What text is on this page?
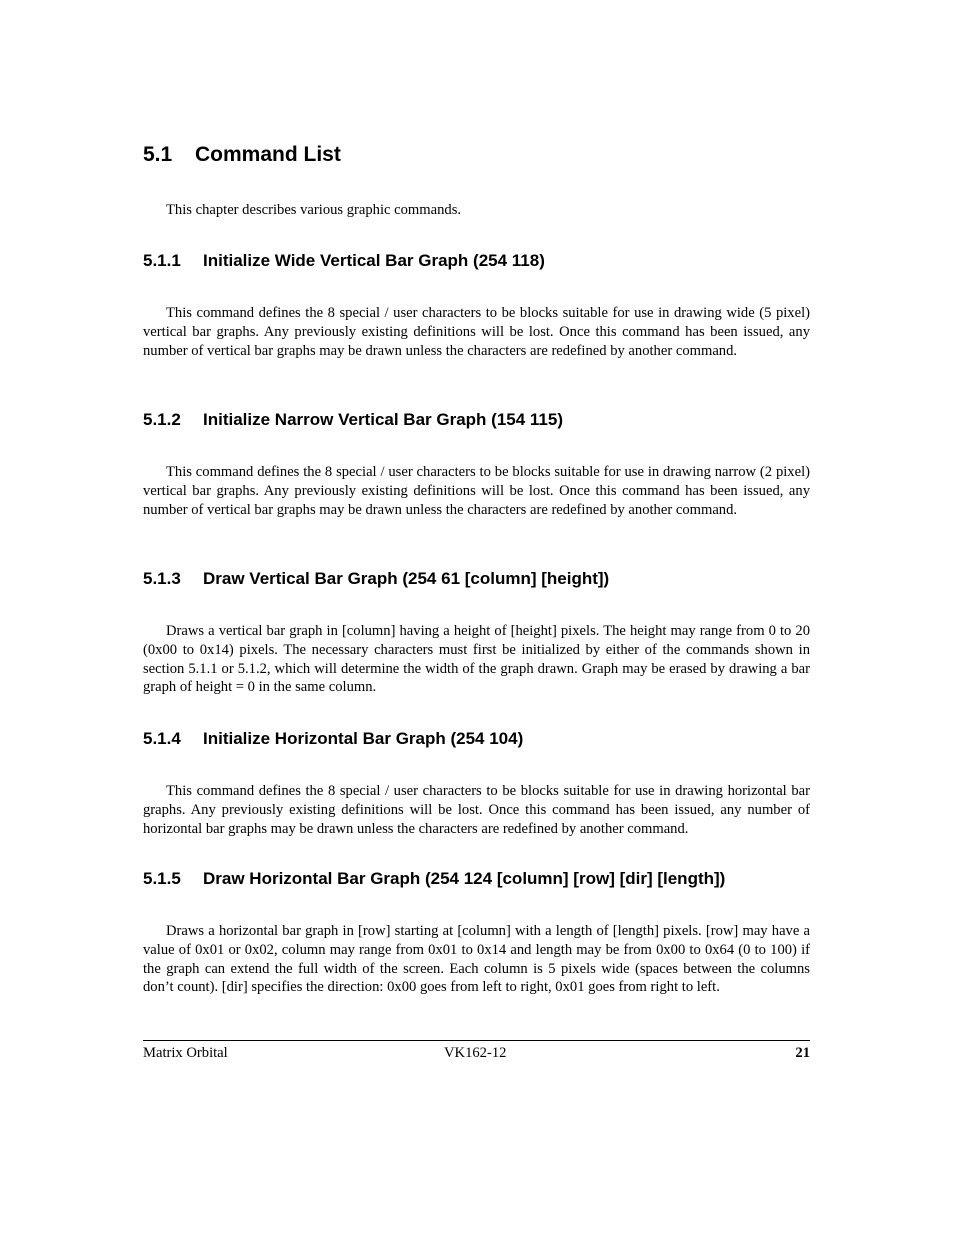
5.1 Command List

This chapter describes various graphic commands.

5.1.1 Initialize Wide Vertical Bar Graph (254 118)

This command defines the 8 special / user characters to be blocks suitable for use in drawing wide (5 pixel) vertical bar graphs. Any previously existing definitions will be lost. Once this command has been issued, any number of vertical bar graphs may be drawn unless the characters are redefined by another command.

5.1.2 Initialize Narrow Vertical Bar Graph (154 115)

This command defines the 8 special / user characters to be blocks suitable for use in drawing narrow (2 pixel) vertical bar graphs. Any previously existing definitions will be lost. Once this command has been issued, any number of vertical bar graphs may be drawn unless the characters are redefined by another command.

5.1.3 Draw Vertical Bar Graph (254 61 [column] [height])

Draws a vertical bar graph in [column] having a height of [height] pixels. The height may range from 0 to 20 (0x00 to 0x14) pixels. The necessary characters must first be initialized by either of the commands shown in section 5.1.1 or 5.1.2, which will determine the width of the graph drawn. Graph may be erased by drawing a bar graph of height = 0 in the same column.

5.1.4 Initialize Horizontal Bar Graph (254 104)

This command defines the 8 special / user characters to be blocks suitable for use in drawing horizontal bar graphs. Any previously existing definitions will be lost. Once this command has been issued, any number of horizontal bar graphs may be drawn unless the characters are redefined by another command.

5.1.5 Draw Horizontal Bar Graph (254 124 [column] [row] [dir] [length])

Draws a horizontal bar graph in [row] starting at [column] with a length of [length] pixels. [row] may have a value of 0x01 or 0x02, column may range from 0x01 to 0x14 and length may be from 0x00 to 0x64 (0 to 100) if the graph can extend the full width of the screen. Each column is 5 pixels wide (spaces between the columns don’t count). [dir] specifies the direction: 0x00 goes from left to right, 0x01 goes from right to left.

Matrix Orbital	VK162-12	21
